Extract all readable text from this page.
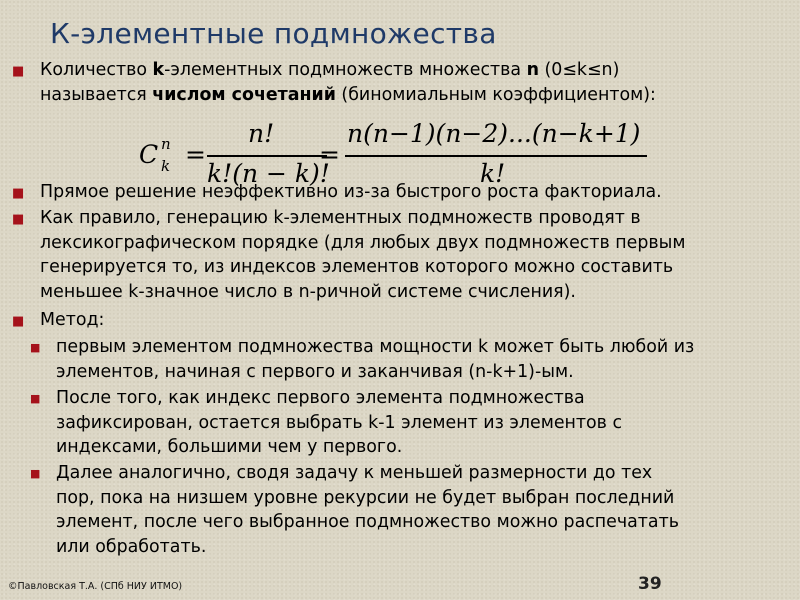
К-элементные подмножества
■ Количество k-элементных подмножеств множества n (0≤k≤n)
называется числом сочетаний (биномиальным коэффициентом):
C n
k =
n!
k!(n − k)!
=
n(n−1)(n−2)...(n−k+1)
k!
■ Прямое решение неэффективно из-за быстрого роста факториала.
■ Как правило, генерацию k-элементных подмножеств проводят в
лексикографическом порядке (для любых двух подмножеств первым
генерируется то, из индексов элементов которого можно составить
меньшее k-значное число в n-ричной системе счисления).
■ Метод:
■ первым элементом подмножества мощности k может быть любой из
элементов, начиная с первого и заканчивая (n-k+1)-ым.
■ После того, как индекс первого элемента подмножества
зафиксирован, остается выбрать k-1 элемент из элементов с
индексами, большими чем у первого.
■ Далее аналогично, сводя задачу к меньшей размерности до тех
пор, пока на низшем уровне рекурсии не будет выбран последний
элемент, после чего выбранное подмножество можно распечатать
или обработать.
©Павловская Т.А. (СПб НИУ ИТМО)	39
